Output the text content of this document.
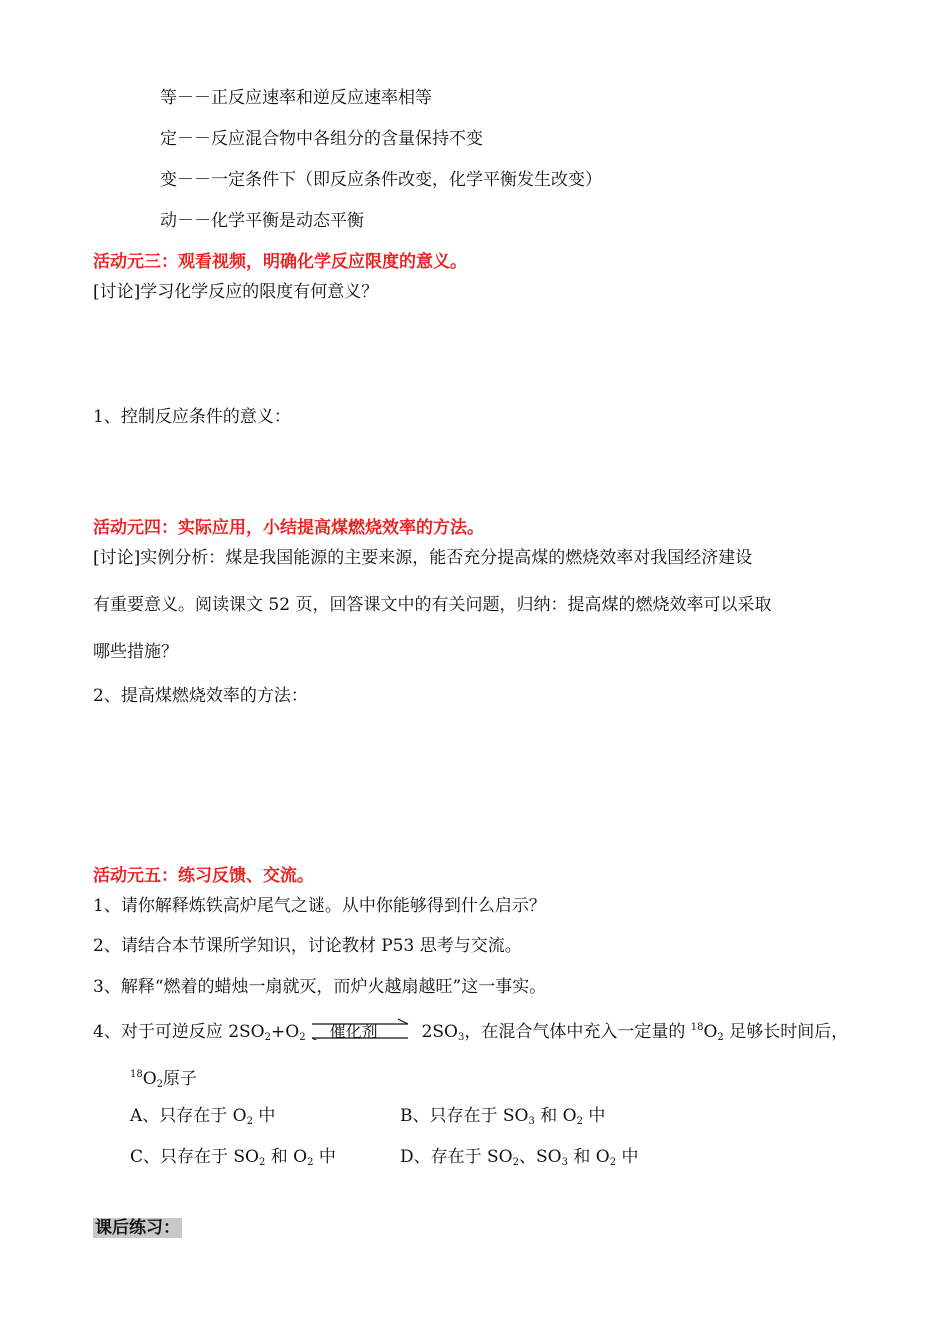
等－－正反应速率和逆反应速率相等
定－－反应混合物中各组分的含量保持不变
变－－一定条件下（即反应条件改变，化学平衡发生改变）
动－－化学平衡是动态平衡
活动元三：观看视频，明确化学反应限度的意义。
[讨论]学习化学反应的限度有何意义？
1、控制反应条件的意义：
活动元四：实际应用，小结提高煤燃烧效率的方法。
[讨论]实例分析：煤是我国能源的主要来源，能否充分提高煤的燃烧效率对我国经济建设
有重要意义。阅读课文 52 页，回答课文中的有关问题，归纳：提高煤的燃烧效率可以采取
哪些措施？
2、提高煤燃烧效率的方法：
活动元五：练习反馈、交流。
1、请你解释炼铁高炉尾气之谜。从中你能够得到什么启示？
2、请结合本节课所学知识，讨论教材 P53 思考与交流。
3、解释“燃着的蜡烛一扇就灭，而炉火越扇越旺”这一事实。
4、对于可逆反应 $2SO_2+O_2$ 催化剂	$2SO_3$，在混合气体中充入一定量的 $^{18}O_2$ 足够长时间后，
$^{18}O_2$原子
A、只存在于 $O_2$ 中	B、只存在于 $SO_3$ 和 $O_2$ 中
C、只存在于 $SO_2$ 和 $O_2$ 中	D、存在于 $SO_2$、$SO_3$ 和 $O_2$ 中
课后练习：
